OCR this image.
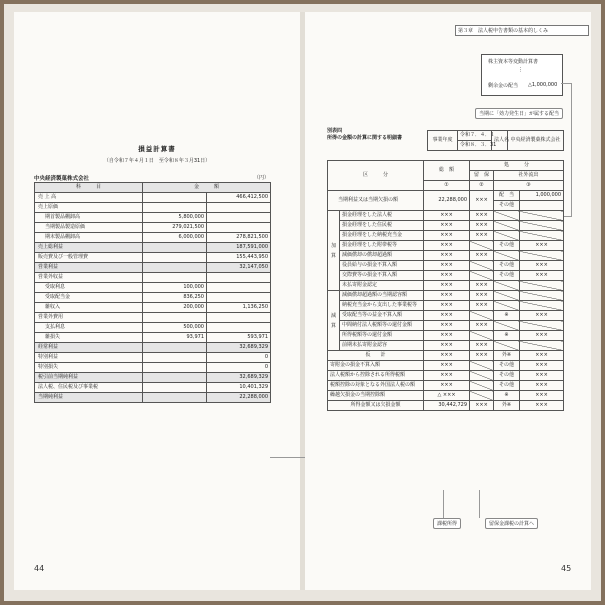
損益計算書
（自令和７年４月１日　至令和８年３月31日）
中央経済製菓株式会社	（円）
科　　　目	金　　　額	
売 上 高		466,412,500
売上原価		
期首製品棚卸高	5,800,000	
当期製品製造原価	279,021,500	
期末製品棚卸高	6,000,000	278,821,500
売上総利益		187,591,000
販売費及び一般管理費		155,443,950
営業利益		32,147,050
営業外収益		
受取利息	100,000	
受取配当金	836,250	
雑収入	200,000	1,136,250
営業外費用		
支払利息	500,000	
雑損失	93,971	593,971
経常利益		32,689,329
特別利益		0
特別損失		0
税引前当期純利益		32,689,329
法人税、住民税及び事業税		10,401,329
当期純利益		22,288,000
44
第３章　法人税申告書類の基本的しくみ
株主資本等変動計算書
⋮
剰余金の配当 △1,000,000
当期に「効力発生日」が属する配当
別表四
所得の金額の計算に関する明細書	事業年度	令和７．４．１	法人名	中央経済製菓株式会社
令和８．３．31
区　　　分		総　額	処　　　分		
			留　保	社外流出	
		①	②	③	
当期利益又は当期欠損の額		22,288,000	×××	配　当	1,000,000
				その他	
加算	損金経理をした法人税	×××	×××		
	損金経理をした住民税	×××	×××		
	損金経理をした納税充当金	×××	×××		
	損金経理をした附帯税等	×××		その他	×××
	減価償却の償却超過額	×××	×××		
	役員給与の損金不算入額	×××		その他	×××
	交際費等の損金不算入額	×××		その他	×××
	未払寄附金認定	×××	×××		
減算	減価償却超過額の当期認容額	×××	×××		
	納税充当金から支出した事業税等	×××	×××		
	受取配当等の益金不算入額	×××		※	×××
	中間納付法人税額等の還付金額	×××	×××		
	所得税額等の還付金額	×××		※	×××
	前期未払寄附金認容	×××	×××		
仮　　計		×××	×××	外※	×××
寄附金の損金不算入額		×××		その他	×××
法人税額から控除される所得税額		×××		その他	×××
税額控除の対象となる外国法人税の額		×××		その他	×××
繰越欠損金の当期控除額		△ ×××		※	×××
所得金額又は欠損金額		30,442,729	×××	外※	×××
課税所得	留保金課税の計算へ
45
